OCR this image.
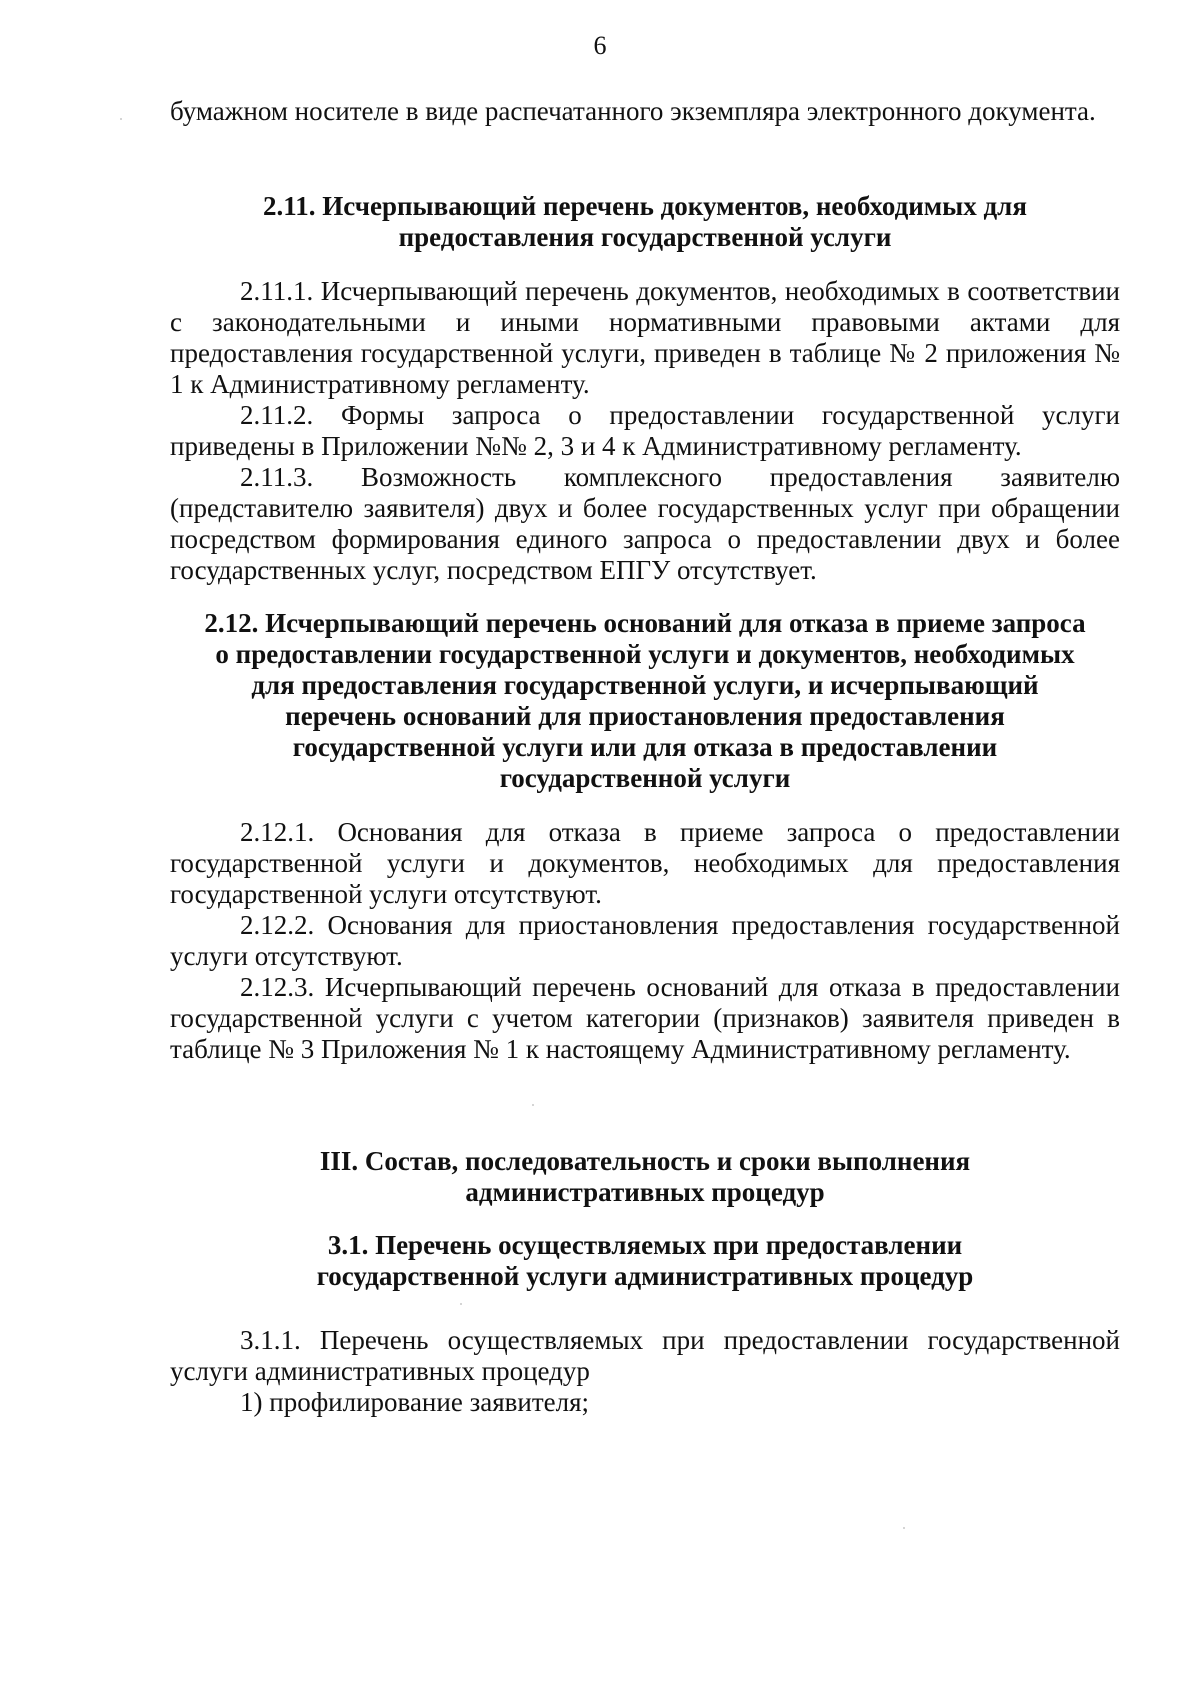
6

бумажном носителе в виде распечатанного экземпляра электронного документа.

2.11. Исчерпывающий перечень документов, необходимых для
предоставления государственной услуги

2.11.1. Исчерпывающий перечень документов, необходимых в соответствии с законодательными и иными нормативными правовыми актами для предоставления государственной услуги, приведен в таблице № 2 приложения № 1 к Административному регламенту.

2.11.2. Формы запроса о предоставлении государственной услуги приведены в Приложении №№ 2, 3 и 4 к Административному регламенту.

2.11.3. Возможность комплексного предоставления заявителю (представителю заявителя) двух и более государственных услуг при обращении посредством формирования единого запроса о предоставлении двух и более государственных услуг, посредством ЕПГУ отсутствует.

2.12. Исчерпывающий перечень оснований для отказа в приеме запроса
о предоставлении государственной услуги и документов, необходимых
для предоставления государственной услуги, и исчерпывающий
перечень оснований для приостановления предоставления
государственной услуги или для отказа в предоставлении
государственной услуги

2.12.1. Основания для отказа в приеме запроса о предоставлении государственной услуги и документов, необходимых для предоставления государственной услуги отсутствуют.

2.12.2. Основания для приостановления предоставления государственной услуги отсутствуют.

2.12.3. Исчерпывающий перечень оснований для отказа в предоставлении государственной услуги с учетом категории (признаков) заявителя приведен в таблице № 3 Приложения № 1 к настоящему Административному регламенту.

III. Состав, последовательность и сроки выполнения
административных процедур
3.1. Перечень осуществляемых при предоставлении
государственной услуги административных процедур

3.1.1. Перечень осуществляемых при предоставлении государственной услуги административных процедур

1) профилирование заявителя;
